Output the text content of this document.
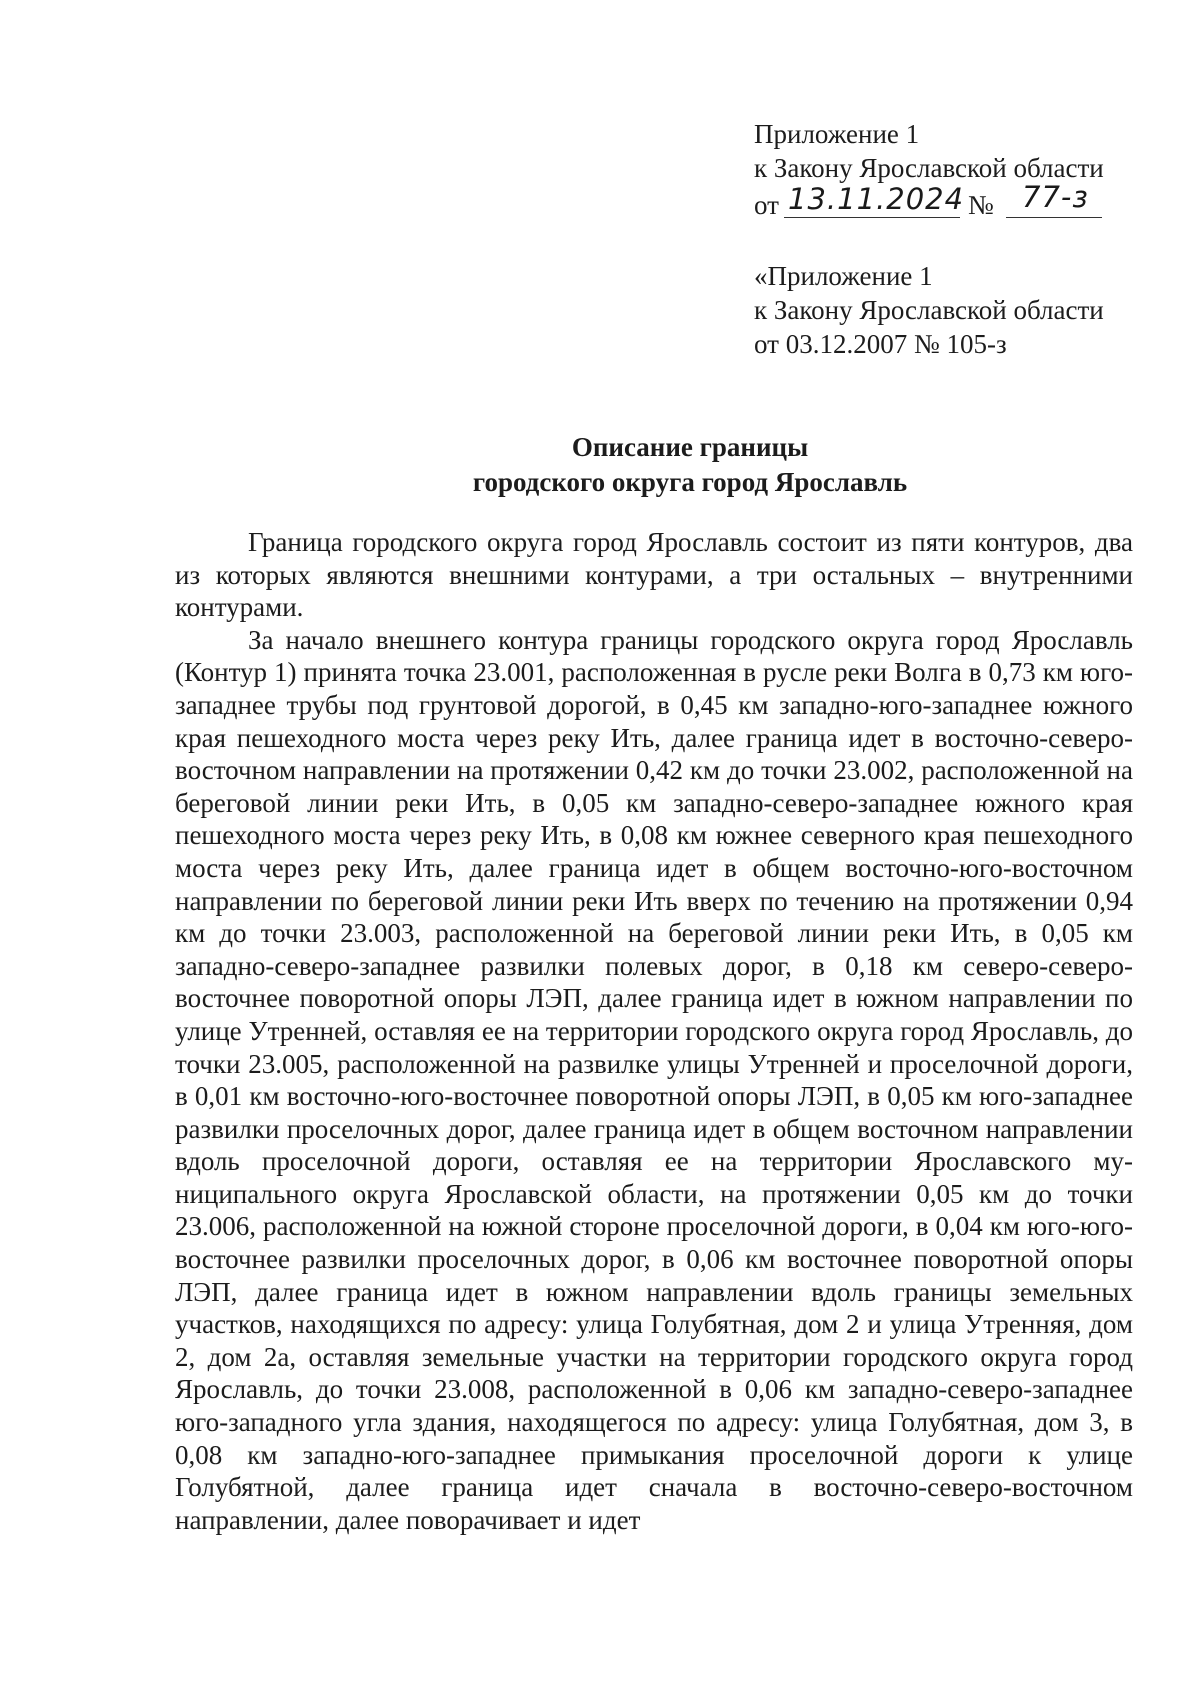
Приложение 1
к Закону Ярославской области
от 13.11.2024 № 77-з
«Приложение 1
к Закону Ярославской области
от 03.12.2007 № 105-з
Описание границы
городского округа город Ярославль

Граница городского округа город Ярославль состоит из пяти контуров, два из которых являются внешними контурами, а три остальных – внутренними контурами.

За начало внешнего контура границы городского округа город Ярославль (Контур 1) принята точка 23.001, расположенная в русле реки Волга в 0,73 км юго-западнее трубы под грунтовой дорогой, в 0,45 км западно-юго-западнее южного края пешеходного моста через реку Ить, далее граница идет в восточно-северо-восточном направлении на протяжении 0,42 км до точки 23.002, расположенной на береговой линии реки Ить, в 0,05 км западно-северо-западнее южного края пешеходного моста через реку Ить, в 0,08 км южнее северного края пешеходного моста через реку Ить, далее граница идет в общем восточно-юго-восточном направлении по береговой линии реки Ить вверх по течению на протяжении 0,94 км до точки 23.003, расположенной на береговой линии реки Ить, в 0,05 км западно-северо-западнее развилки полевых дорог, в 0,18 км северо-северо-восточнее поворотной опоры ЛЭП, далее граница идет в южном направлении по улице Утренней, оставляя ее на территории городского округа город Ярославль, до точки 23.005, расположенной на развилке улицы Утренней и проселочной дороги, в 0,01 км восточно-юго-восточнее поворотной опоры ЛЭП, в 0,05 км юго-западнее развилки проселочных дорог, далее граница идет в общем восточном направлении вдоль проселочной дороги, оставляя ее на территории Ярославского муниципального округа Ярославской области, на протяжении 0,05 км до точки 23.006, расположенной на южной стороне проселочной дороги, в 0,04 км юго-юго-восточнее развилки проселочных дорог, в 0,06 км восточнее поворотной опоры ЛЭП, далее граница идет в южном направлении вдоль границы земельных участков, находящихся по адресу: улица Голубятная, дом 2 и улица Утренняя, дом 2, дом 2а, оставляя земельные участки на территории городского округа город Ярославль, до точки 23.008, расположенной в 0,06 км западно-северо-западнее юго-западного угла здания, находящегося по адресу: улица Голубятная, дом 3, в 0,08 км западно-юго-западнее примыкания проселочной дороги к улице Голубятной, далее граница идет сначала в восточно-северо-восточном направлении, далее поворачивает и идет
